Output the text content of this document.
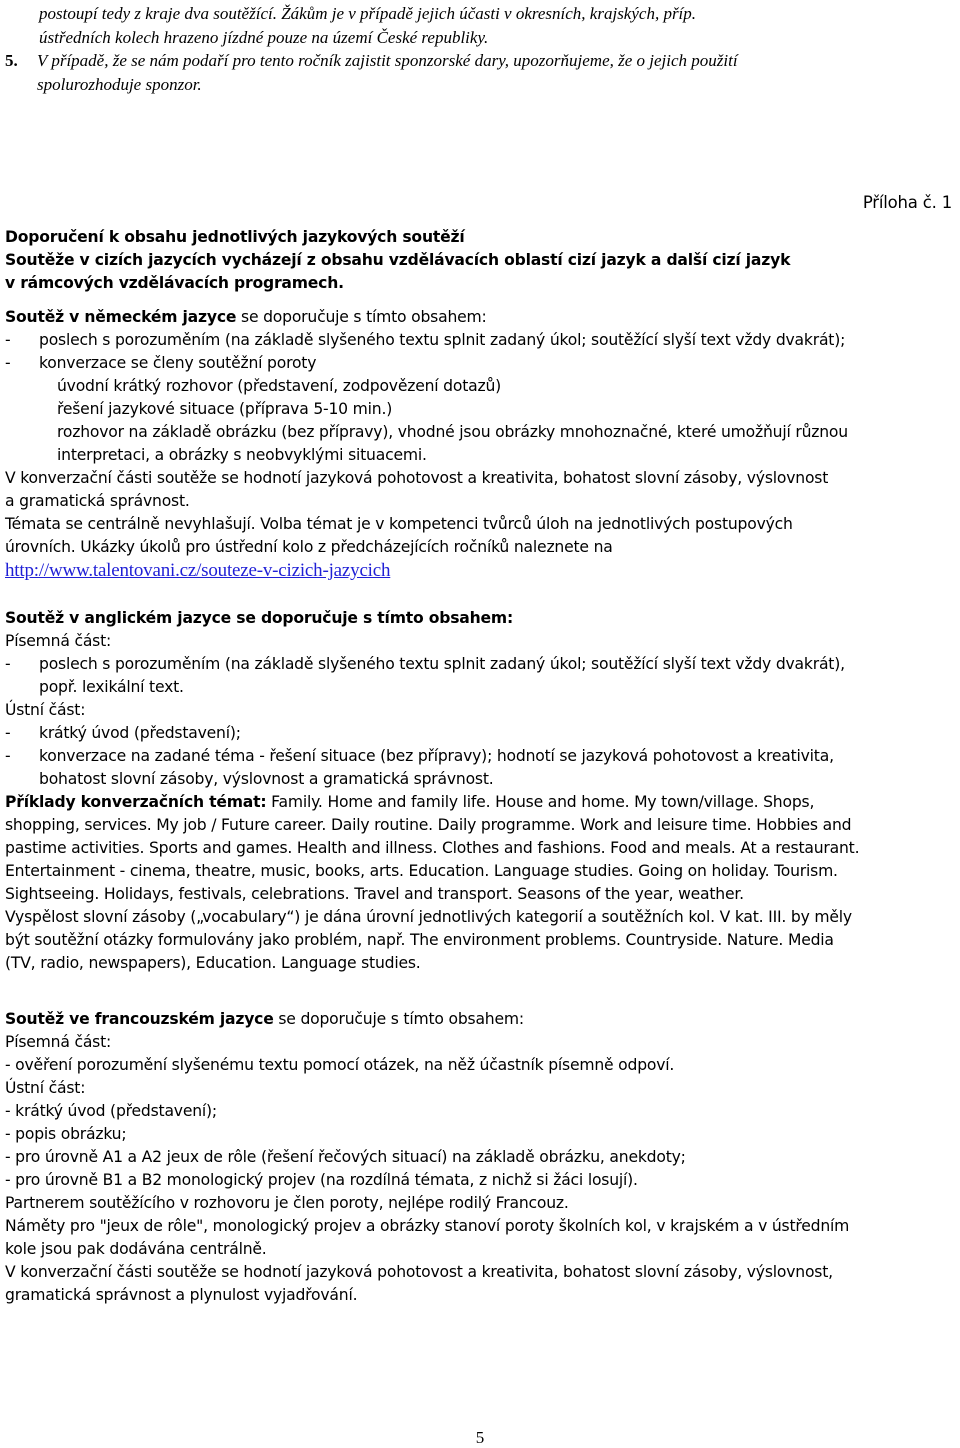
postoupí tedy z kraje dva soutěžící. Žákům je v případě jejich účasti v okresních, krajských, příp.
ústředních kolech hrazeno jízdné pouze na území České republiky.
5. V případě, že se nám podaří pro tento ročník zajistit sponzorské dary, upozorňujeme, že o jejich použití
spolurozhoduje sponzor.
Příloha č. 1
Doporučení k obsahu jednotlivých jazykových soutěží
Soutěže v cizích jazycích vycházejí z obsahu vzdělávacích oblastí cizí jazyk a další cizí jazyk
v rámcových vzdělávacích programech.
Soutěž v německém jazyce se doporučuje s tímto obsahem:
- poslech s porozuměním (na základě slyšeného textu splnit zadaný úkol; soutěžící slyší text vždy dvakrát);
- konverzace se členy soutěžní poroty
úvodní krátký rozhovor (představení, zodpovězení dotazů)
řešení jazykové situace (příprava 5-10 min.)
rozhovor na základě obrázku (bez přípravy), vhodné jsou obrázky mnohoznačné, které umožňují různou
interpretaci, a obrázky s neobvyklými situacemi.
V konverzační části soutěže se hodnotí jazyková pohotovost a kreativita, bohatost slovní zásoby, výslovnost
a gramatická správnost.
Témata se centrálně nevyhlašují. Volba témat je v kompetenci tvůrců úloh na jednotlivých postupových
úrovních. Ukázky úkolů pro ústřední kolo z předcházejících ročníků naleznete na
http://www.talentovani.cz/souteze-v-cizich-jazycich
Soutěž v anglickém jazyce se doporučuje s tímto obsahem:
Písemná část:
- poslech s porozuměním (na základě slyšeného textu splnit zadaný úkol; soutěžící slyší text vždy dvakrát),
popř. lexikální text.
Ústní část:
- krátký úvod (představení);
- konverzace na zadané téma - řešení situace (bez přípravy); hodnotí se jazyková pohotovost a kreativita,
bohatost slovní zásoby, výslovnost a gramatická správnost.
Příklady konverzačních témat: Family. Home and family life. House and home. My town/village. Shops,
shopping, services. My job / Future career. Daily routine. Daily programme. Work and leisure time. Hobbies and
pastime activities. Sports and games. Health and illness. Clothes and fashions. Food and meals. At a restaurant.
Entertainment - cinema, theatre, music, books, arts. Education. Language studies. Going on holiday. Tourism.
Sightseeing. Holidays, festivals, celebrations. Travel and transport. Seasons of the year, weather.
Vyspělost slovní zásoby („vocabulary“) je dána úrovní jednotlivých kategorií a soutěžních kol. V kat. III. by měly
být soutěžní otázky formulovány jako problém, např. The environment problems. Countryside. Nature. Media
(TV, radio, newspapers), Education. Language studies.
Soutěž ve francouzském jazyce se doporučuje s tímto obsahem:
Písemná část:
- ověření porozumění slyšenému textu pomocí otázek, na něž účastník písemně odpoví.
Ústní část:
- krátký úvod (představení);
- popis obrázku;
- pro úrovně A1 a A2 jeux de rôle (řešení řečových situací) na základě obrázku, anekdoty;
- pro úrovně B1 a B2 monologický projev (na rozdílná témata, z nichž si žáci losují).
Partnerem soutěžícího v rozhovoru je člen poroty, nejlépe rodilý Francouz.
Náměty pro "jeux de rôle", monologický projev a obrázky stanoví poroty školních kol, v krajském a v ústředním
kole jsou pak dodávána centrálně.
V konverzační části soutěže se hodnotí jazyková pohotovost a kreativita, bohatost slovní zásoby, výslovnost,
gramatická správnost a plynulost vyjadřování.
5
